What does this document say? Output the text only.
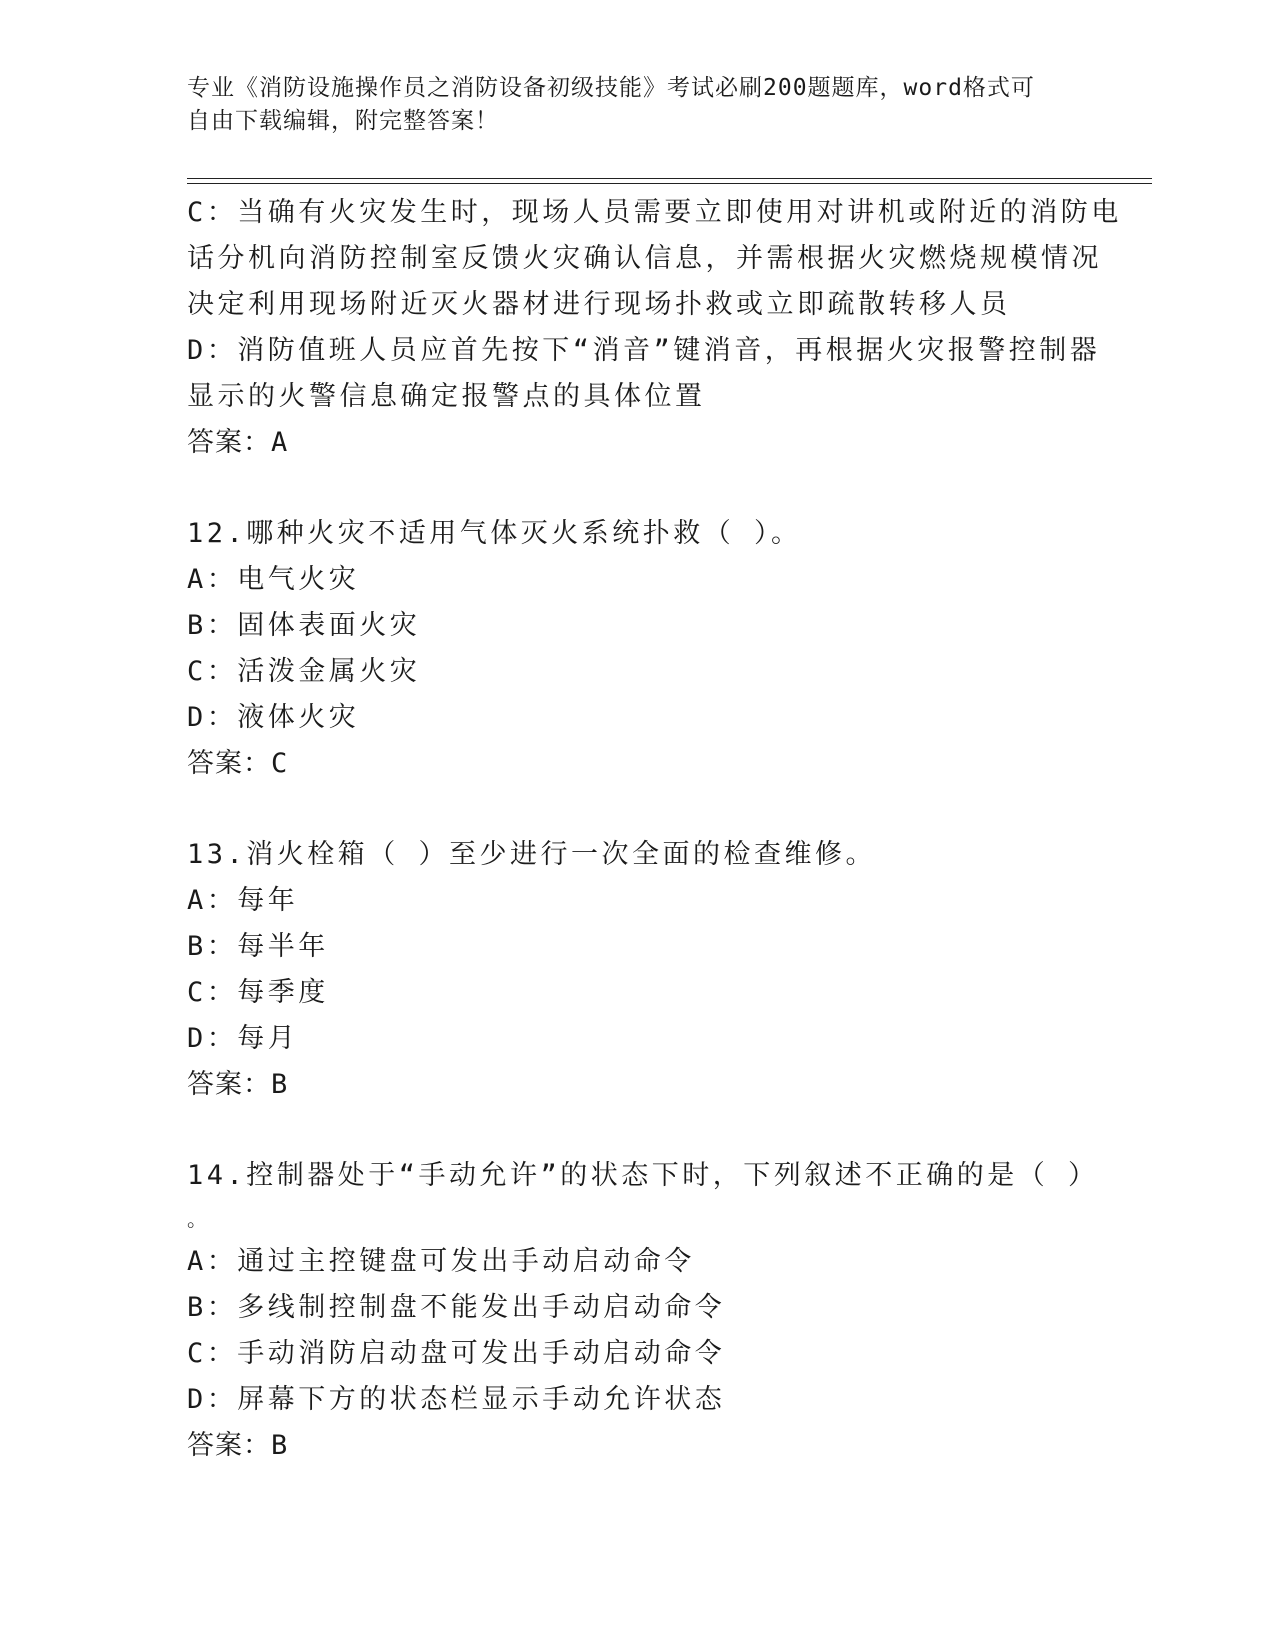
专业《消防设施操作员之消防设备初级技能》考试必刷200题题库，word格式可
自由下载编辑，附完整答案！
C：当确有火灾发生时，现场人员需要立即使用对讲机或附近的消防电
话分机向消防控制室反馈火灾确认信息，并需根据火灾燃烧规模情况
决定利用现场附近灭火器材进行现场扑救或立即疏散转移人员
D：消防值班人员应首先按下“消音”键消音，再根据火灾报警控制器
显示的火警信息确定报警点的具体位置
答案：A
12.哪种火灾不适用气体灭火系统扑救（ ）。
A：电气火灾
B：固体表面火灾
C：活泼金属火灾
D：液体火灾
答案：C
13.消火栓箱（ ）至少进行一次全面的检查维修。
A：每年
B：每半年
C：每季度
D：每月
答案：B
14.控制器处于“手动允许”的状态下时，下列叙述不正确的是（ ）
。
A：通过主控键盘可发出手动启动命令
B：多线制控制盘不能发出手动启动命令
C：手动消防启动盘可发出手动启动命令
D：屏幕下方的状态栏显示手动允许状态
答案：B
